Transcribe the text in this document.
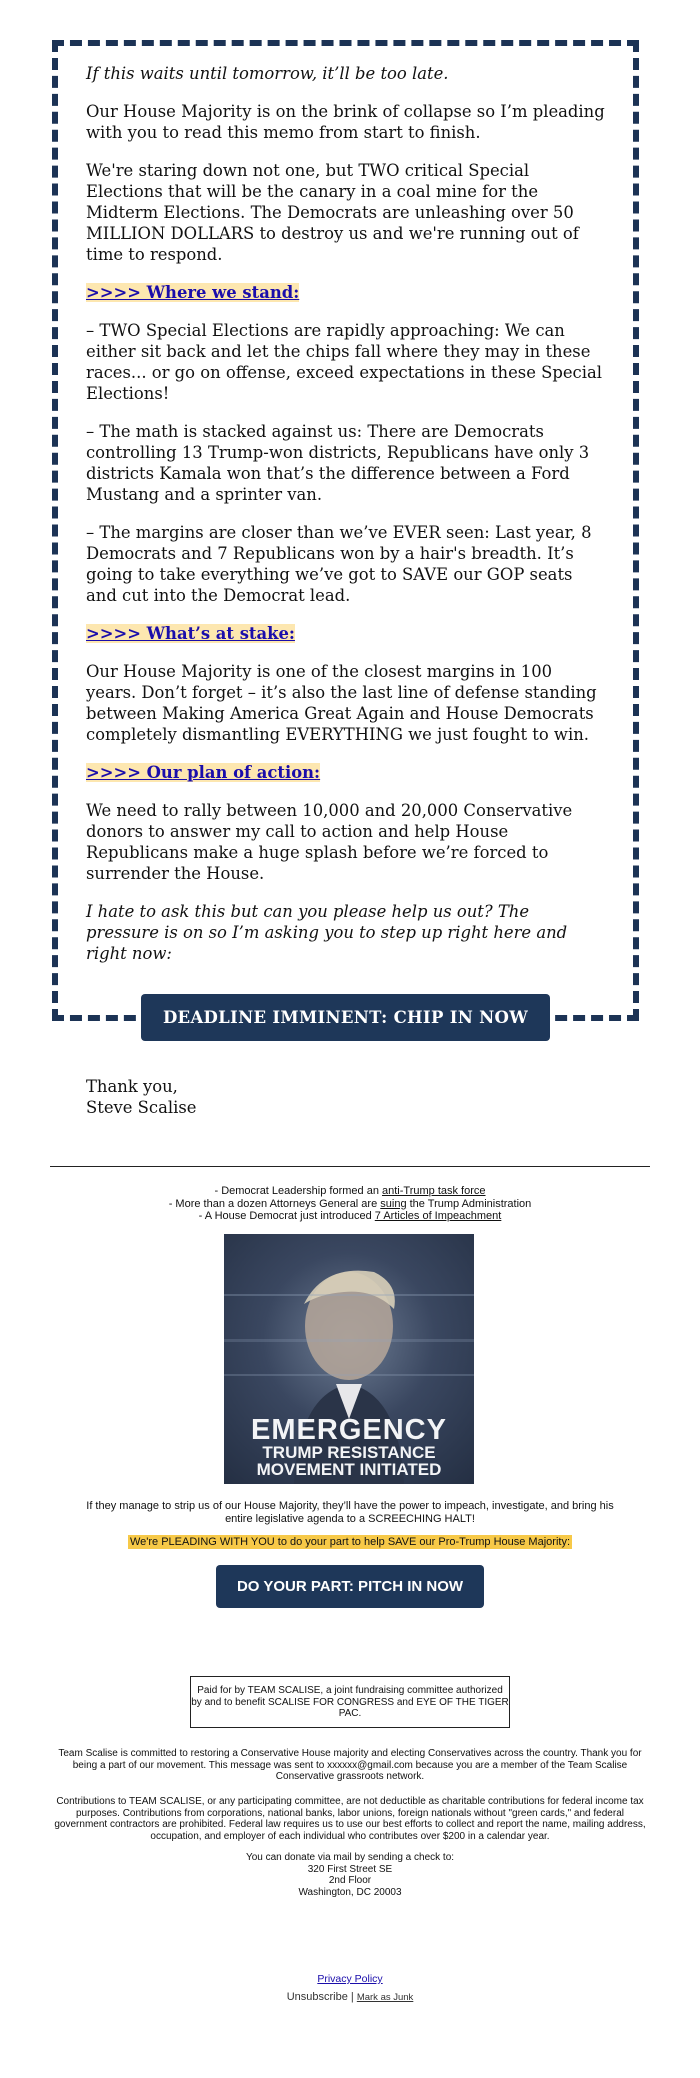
If this waits until tomorrow, it’ll be too late.

Our House Majority is on the brink of collapse so I’m pleading with you to read this memo from start to finish.

We're staring down not one, but TWO critical Special Elections that will be the canary in a coal mine for the Midterm Elections. The Democrats are unleashing over 50 MILLION DOLLARS to destroy us and we're running out of time to respond.

>>>> Where we stand:

– TWO Special Elections are rapidly approaching: We can either sit back and let the chips fall where they may in these races... or go on offense, exceed expectations in these Special Elections!

– The math is stacked against us: There are Democrats controlling 13 Trump-won districts, Republicans have only 3 districts Kamala won that’s the difference between a Ford Mustang and a sprinter van.

– The margins are closer than we’ve EVER seen: Last year, 8 Democrats and 7 Republicans won by a hair's breadth. It’s going to take everything we’ve got to SAVE our GOP seats and cut into the Democrat lead.

>>>> What’s at stake:

Our House Majority is one of the closest margins in 100 years. Don’t forget – it’s also the last line of defense standing between Making America Great Again and House Democrats completely dismantling EVERYTHING we just fought to win.

>>>> Our plan of action:

We need to rally between 10,000 and 20,000 Conservative donors to answer my call to action and help House Republicans make a huge splash before we’re forced to surrender the House.

I hate to ask this but can you please help us out? The pressure is on so I’m asking you to step up right here and right now:

DEADLINE IMMINENT: CHIP IN NOW
Thank you,
Steve Scalise
- Democrat Leadership formed an anti-Trump task force
- More than a dozen Attorneys General are suing the Trump Administration
- A House Democrat just introduced 7 Articles of Impeachment
EMERGENCY
TRUMP RESISTANCE
MOVEMENT INITIATED
If they manage to strip us of our House Majority, they’ll have the power to impeach, investigate, and bring his entire legislative agenda to a SCREECHING HALT!
We're PLEADING WITH YOU to do your part to help SAVE our Pro-Trump House Majority:
DO YOUR PART: PITCH IN NOW
Paid for by TEAM SCALISE, a joint fundraising committee authorized by and to benefit SCALISE FOR CONGRESS and EYE OF THE TIGER PAC.
Team Scalise is committed to restoring a Conservative House majority and electing Conservatives across the country. Thank you for being a part of our movement. This message was sent to xxxxxx@gmail.com because you are a member of the Team Scalise Conservative grassroots network.
Contributions to TEAM SCALISE, or any participating committee, are not deductible as charitable contributions for federal income tax purposes. Contributions from corporations, national banks, labor unions, foreign nationals without "green cards," and federal government contractors are prohibited. Federal law requires us to use our best efforts to collect and report the name, mailing address, occupation, and employer of each individual who contributes over $200 in a calendar year.
You can donate via mail by sending a check to:
320 First Street SE
2nd Floor
Washington, DC 20003
Privacy Policy
Unsubscribe | Mark as Junk
